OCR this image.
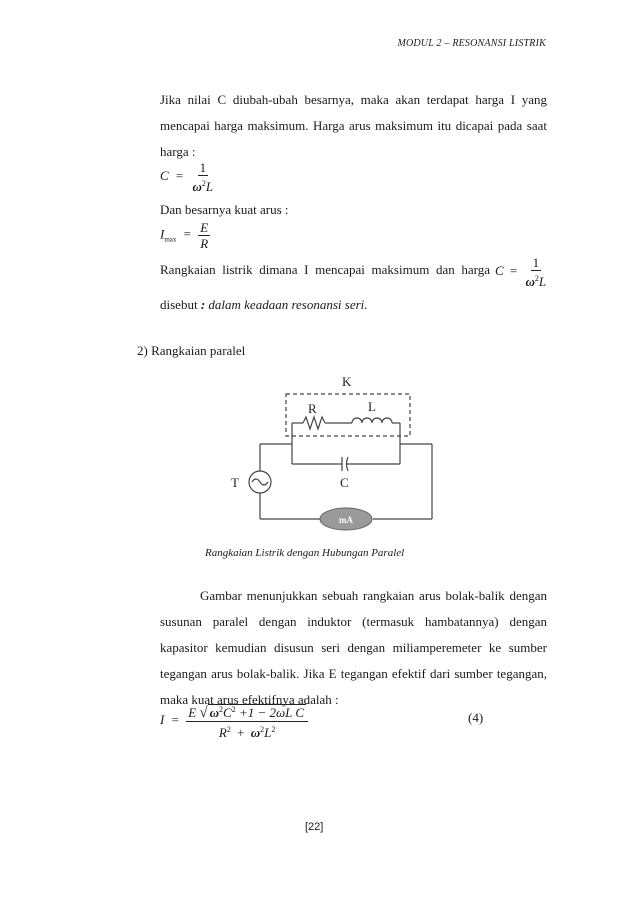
MODUL 2 – RESONANSI LISTRIK
Jika nilai C diubah-ubah besarnya, maka akan terdapat harga I yang
mencapai harga maksimum. Harga arus maksimum itu dicapai pada saat
harga :
$C = \frac{1}{\omega^2L}$
Dan besarnya kuat arus :
$I_{max} = \frac{E}{R}$
Rangkaian listrik dimana I mencapai maksimum dan harga $C = \frac{1}{\omega^2L}$
disebut : dalam keadaan resonansi seri.
2) Rangkaian paralel
mA
K
R	L
T	C
Rangkaian Listrik dengan Hubungan Paralel
Gambar menunjukkan sebuah rangkaian arus bolak-balik dengan
susunan paralel dengan induktor (termasuk hambatannya) dengan
kapasitor kemudian disusun seri dengan miliamperemeter ke sumber
tegangan arus bolak-balik. Jika E tegangan efektif dari sumber tegangan,
maka kuat arus efektifnya adalah :
$I = \frac{E √ \omega^2C^2 +1 - 2\omega L C}{R^2 + \omega^2L^2}$	(4)
[22]
